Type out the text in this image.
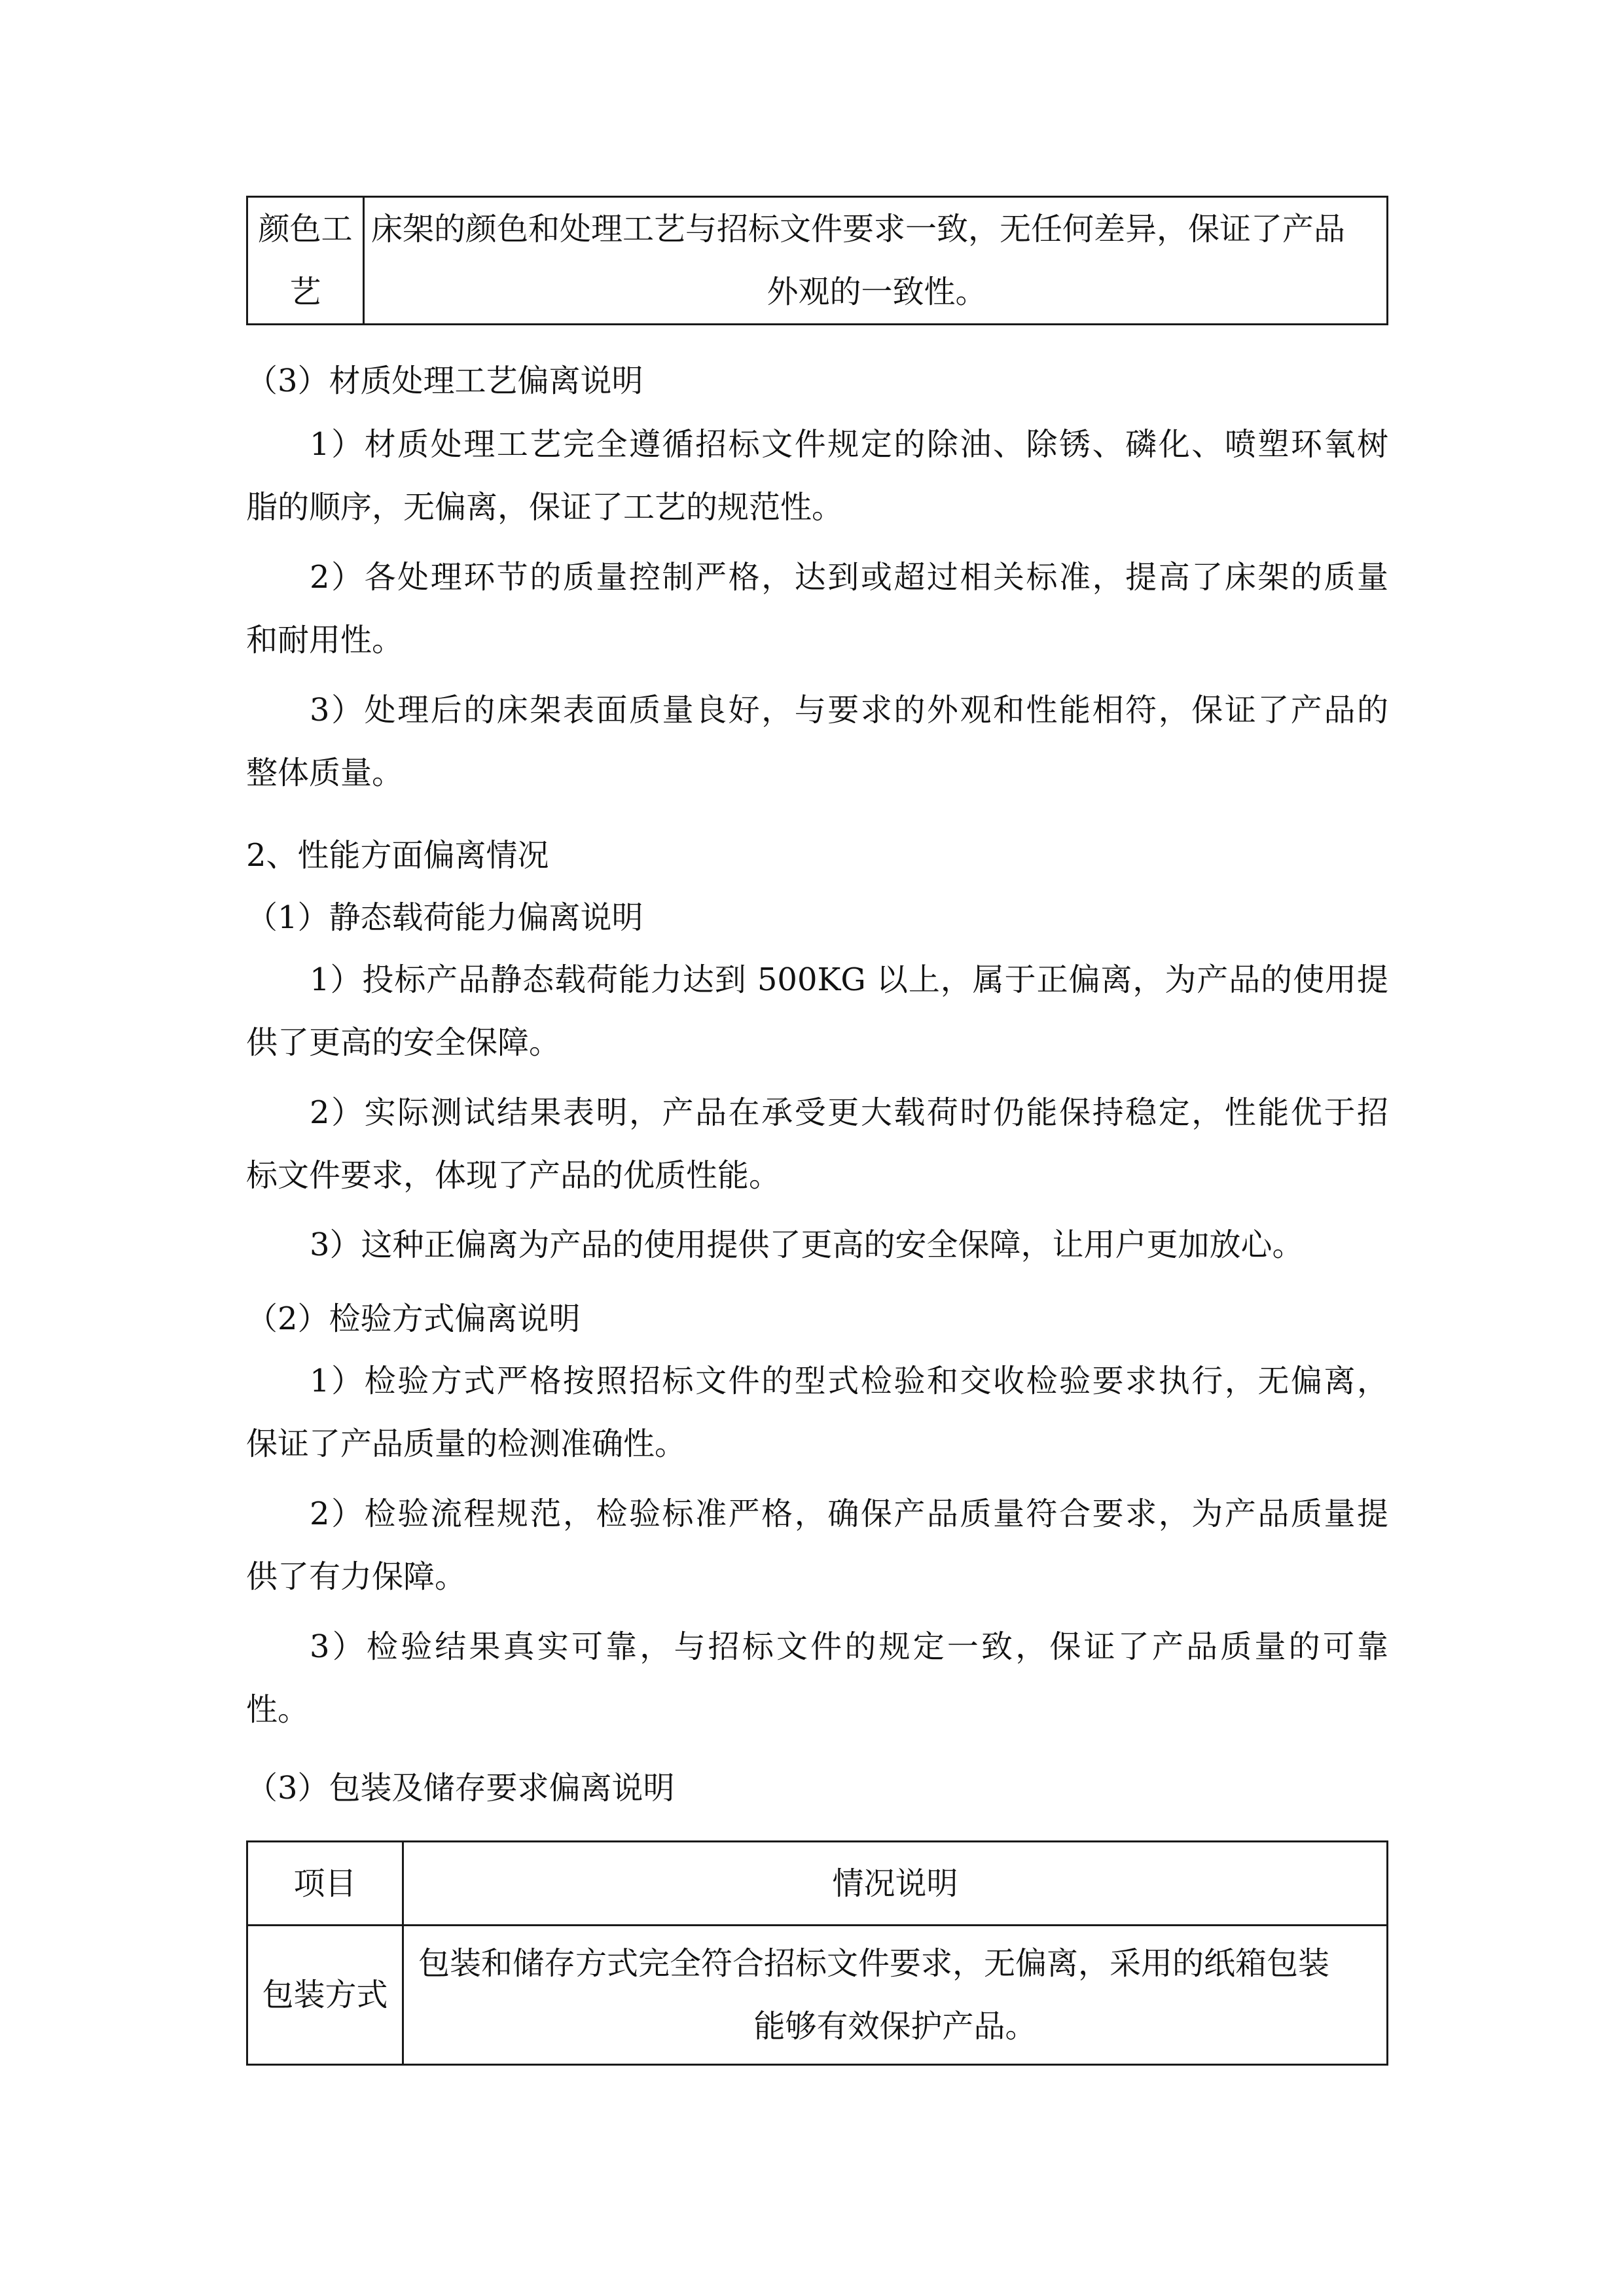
颜色工
艺	床架的颜色和处理工艺与招标文件要求一致，无任何差异，保证了产品
外观的一致性。
（3）材质处理工艺偏离说明
1）材质处理工艺完全遵循招标文件规定的除油、除锈、磷化、喷塑环氧树
脂的顺序，无偏离，保证了工艺的规范性。
2）各处理环节的质量控制严格，达到或超过相关标准，提高了床架的质量
和耐用性。
3）处理后的床架表面质量良好，与要求的外观和性能相符，保证了产品的
整体质量。
2、性能方面偏离情况
（1）静态载荷能力偏离说明
1）投标产品静态载荷能力达到 500KG 以上，属于正偏离，为产品的使用提
供了更高的安全保障。
2）实际测试结果表明，产品在承受更大载荷时仍能保持稳定，性能优于招
标文件要求，体现了产品的优质性能。
3）这种正偏离为产品的使用提供了更高的安全保障，让用户更加放心。
（2）检验方式偏离说明
1）检验方式严格按照招标文件的型式检验和交收检验要求执行，无偏离，
保证了产品质量的检测准确性。
2）检验流程规范，检验标准严格，确保产品质量符合要求，为产品质量提
供了有力保障。
3）检验结果真实可靠，与招标文件的规定一致，保证了产品质量的可靠
性。
（3）包装及储存要求偏离说明
项目	情况说明
包装方式	包装和储存方式完全符合招标文件要求，无偏离，采用的纸箱包装
能够有效保护产品。
